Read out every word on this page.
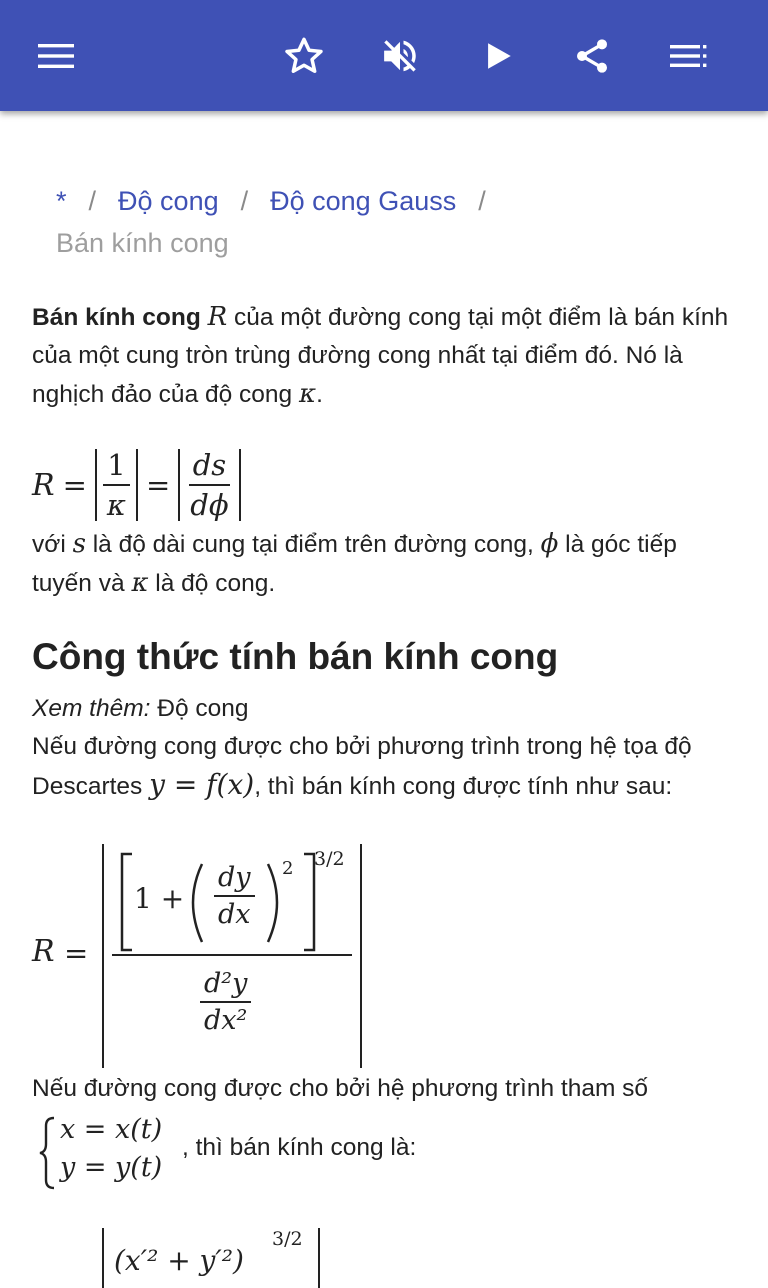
* / Độ cong / Độ cong Gauss /
Bán kính cong

Bán kính cong R của một đường cong tại một điểm là bán kính của một cung tròn trùng đường cong nhất tại điểm đó. Nó là nghịch đảo của độ cong κ.

$R = \frac{1}{\kappa} = \frac{ds}{d\phi}$

với s là độ dài cung tại điểm trên đường cong, ϕ là góc tiếp tuyến và κ là độ cong.

Công thức tính bán kính cong

Xem thêm: Độ cong

Nếu đường cong được cho bởi phương trình trong hệ tọa độ Descartes y = f(x), thì bán kính cong được tính như sau:

R =
$1 + \frac{dy}{dx} 2$ 3/2
$\frac{\text{d²y}}{\text{dx²}}$

Nếu đường cong được cho bởi hệ phương trình tham số

x = x(t)
y = y(t)
, thì bán kính cong là:
(x′² + y′²)
3/2
